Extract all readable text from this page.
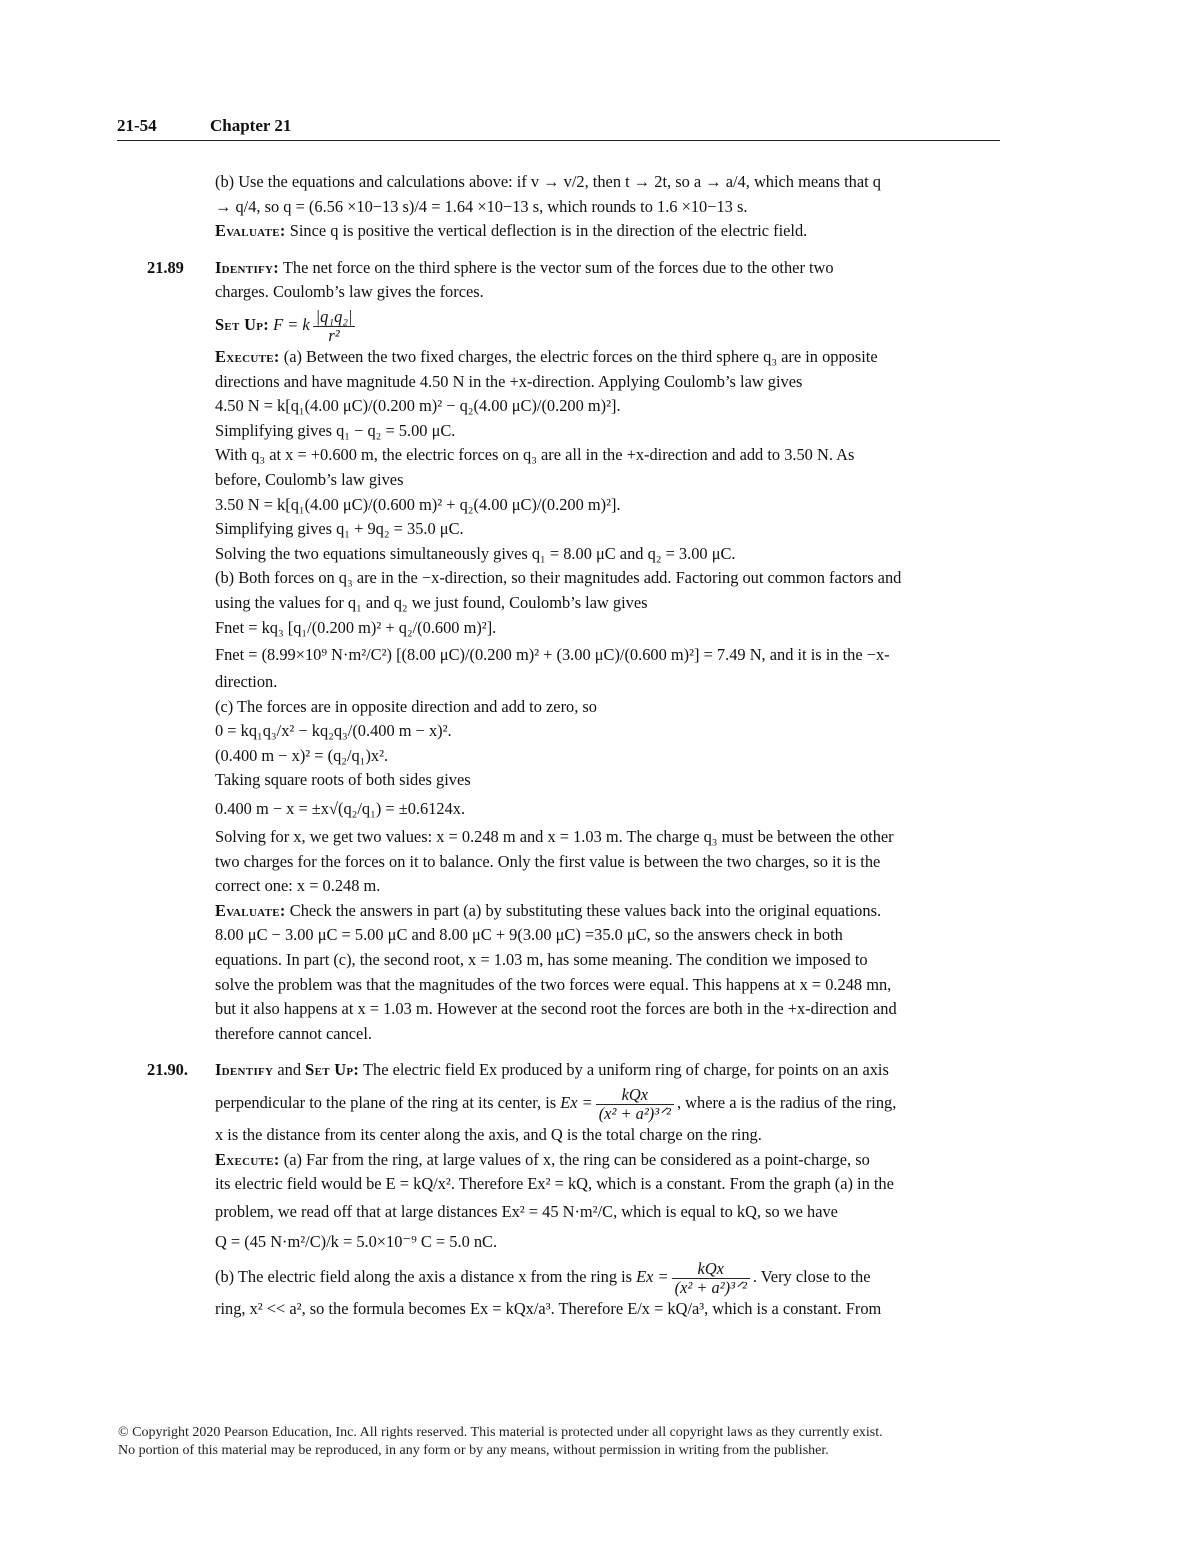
21-54	Chapter 21
(b) Use the equations and calculations above: if v → v/2, then t → 2t, so a → a/4, which means that q
→ q/4, so q = (6.56 ×10−13 s)/4 = 1.64 ×10−13 s, which rounds to 1.6 ×10−13 s.
Evaluate: Since q is positive the vertical deflection is in the direction of the electric field.
21.89 Identify: The net force on the third sphere is the vector sum of the forces due to the other two
charges. Coulomb’s law gives the forces.
Set Up: F = k $\frac{\text{|q₁q₂|}}{\text{r²}}$
Execute: (a) Between the two fixed charges, the electric forces on the third sphere q₃ are in opposite
directions and have magnitude 4.50 N in the +x-direction. Applying Coulomb’s law gives
4.50 N = k[q₁(4.00 μC)/(0.200 m)² − q₂(4.00 μC)/(0.200 m)²].
Simplifying gives q₁ − q₂ = 5.00 μC.
With q₃ at x = +0.600 m, the electric forces on q₃ are all in the +x-direction and add to 3.50 N. As
before, Coulomb’s law gives
3.50 N = k[q₁(4.00 μC)/(0.600 m)² + q₂(4.00 μC)/(0.200 m)²].
Simplifying gives q₁ + 9q₂ = 35.0 μC.
Solving the two equations simultaneously gives q₁ = 8.00 μC and q₂ = 3.00 μC.
(b) Both forces on q₃ are in the −x-direction, so their magnitudes add. Factoring out common factors and
using the values for q₁ and q₂ we just found, Coulomb’s law gives
Fnet = kq₃ [q₁/(0.200 m)² + q₂/(0.600 m)²].
Fnet = (8.99×10⁹ N·m²/C²) [(8.00 μC)/(0.200 m)² + (3.00 μC)/(0.600 m)²] = 7.49 N, and it is in the −x-
direction.
(c) The forces are in opposite direction and add to zero, so
0 = kq₁q₃/x² − kq₂q₃/(0.400 m − x)².
(0.400 m − x)² = (q₂/q₁)x².
Taking square roots of both sides gives
0.400 m − x = ±x√(q₂/q₁) = ±0.6124x.
Solving for x, we get two values: x = 0.248 m and x = 1.03 m. The charge q₃ must be between the other
two charges for the forces on it to balance. Only the first value is between the two charges, so it is the
correct one: x = 0.248 m.
Evaluate: Check the answers in part (a) by substituting these values back into the original equations.
8.00 μC − 3.00 μC = 5.00 μC and 8.00 μC + 9(3.00 μC) =35.0 μC, so the answers check in both
equations. In part (c), the second root, x = 1.03 m, has some meaning. The condition we imposed to
solve the problem was that the magnitudes of the two forces were equal. This happens at x = 0.248 mn,
but it also happens at x = 1.03 m. However at the second root the forces are both in the +x-direction and
therefore cannot cancel.
21.90. Identify and Set Up: The electric field Ex produced by a uniform ring of charge, for points on an axis
perpendicular to the plane of the ring at its center, is $Ex = \frac{\text{kQx}}{\text{(x² + a²)³ᐟ²}}$ , where a is the radius of the ring,
x is the distance from its center along the axis, and Q is the total charge on the ring.
Execute: (a) Far from the ring, at large values of x, the ring can be considered as a point-charge, so
its electric field would be E = kQ/x². Therefore Ex² = kQ, which is a constant. From the graph (a) in the
problem, we read off that at large distances Ex² = 45 N·m²/C, which is equal to kQ, so we have
Q = (45 N·m²/C)/k = 5.0×10⁻⁹ C = 5.0 nC.
(b) The electric field along the axis a distance x from the ring is $Ex = \frac{\text{kQx}}{\text{(x² + a²)³ᐟ²}}$ . Very close to the
ring, x² << a², so the formula becomes Ex = kQx/a³. Therefore E/x = kQ/a³, which is a constant. From
© Copyright 2020 Pearson Education, Inc. All rights reserved. This material is protected under all copyright laws as they currently exist.
No portion of this material may be reproduced, in any form or by any means, without permission in writing from the publisher.
